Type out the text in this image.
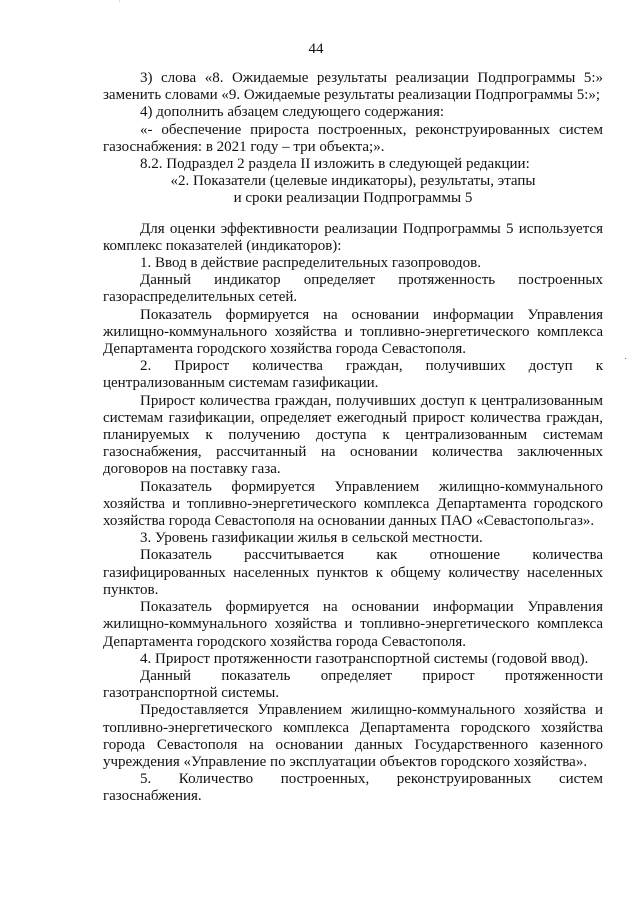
˙
˙
44

3) слова «8. Ожидаемые результаты реализации Подпрограммы 5:» заменить словами «9. Ожидаемые результаты реализации Подпрограммы 5:»;

4) дополнить абзацем следующего содержания:

«- обеспечение прироста построенных, реконструированных систем газоснабжения: в 2021 году – три объекта;».

8.2. Подраздел 2 раздела II изложить в следующей редакции:

«2. Показатели (целевые индикаторы), результаты, этапы

и сроки реализации Подпрограммы 5

Для оценки эффективности реализации Подпрограммы 5 используется комплекс показателей (индикаторов):

1. Ввод в действие распределительных газопроводов.

Данный индикатор определяет протяженность построенных газораспределительных сетей.

Показатель формируется на основании информации Управления жилищно-коммунального хозяйства и топливно-энергетического комплекса Департамента городского хозяйства города Севастополя.

2. Прирост количества граждан, получивших доступ к централизованным системам газификации.

Прирост количества граждан, получивших доступ к централизованным системам газификации, определяет ежегодный прирост количества граждан, планируемых к получению доступа к централизованным системам газоснабжения, рассчитанный на основании количества заключенных договоров на поставку газа.

Показатель формируется Управлением жилищно-коммунального хозяйства и топливно-энергетического комплекса Департамента городского хозяйства города Севастополя на основании данных ПАО «Севастопольгаз».

3. Уровень газификации жилья в сельской местности.

Показатель рассчитывается как отношение количества газифицированных населенных пунктов к общему количеству населенных пунктов.

Показатель формируется на основании информации Управления жилищно-коммунального хозяйства и топливно-энергетического комплекса Департамента городского хозяйства города Севастополя.

4. Прирост протяженности газотранспортной системы (годовой ввод).

Данный показатель определяет прирост протяженности газотранспортной системы.

Предоставляется Управлением жилищно-коммунального хозяйства и топливно-энергетического комплекса Департамента городского хозяйства города Севастополя на основании данных Государственного казенного учреждения «Управление по эксплуатации объектов городского хозяйства».

5. Количество построенных, реконструированных систем газоснабжения.
